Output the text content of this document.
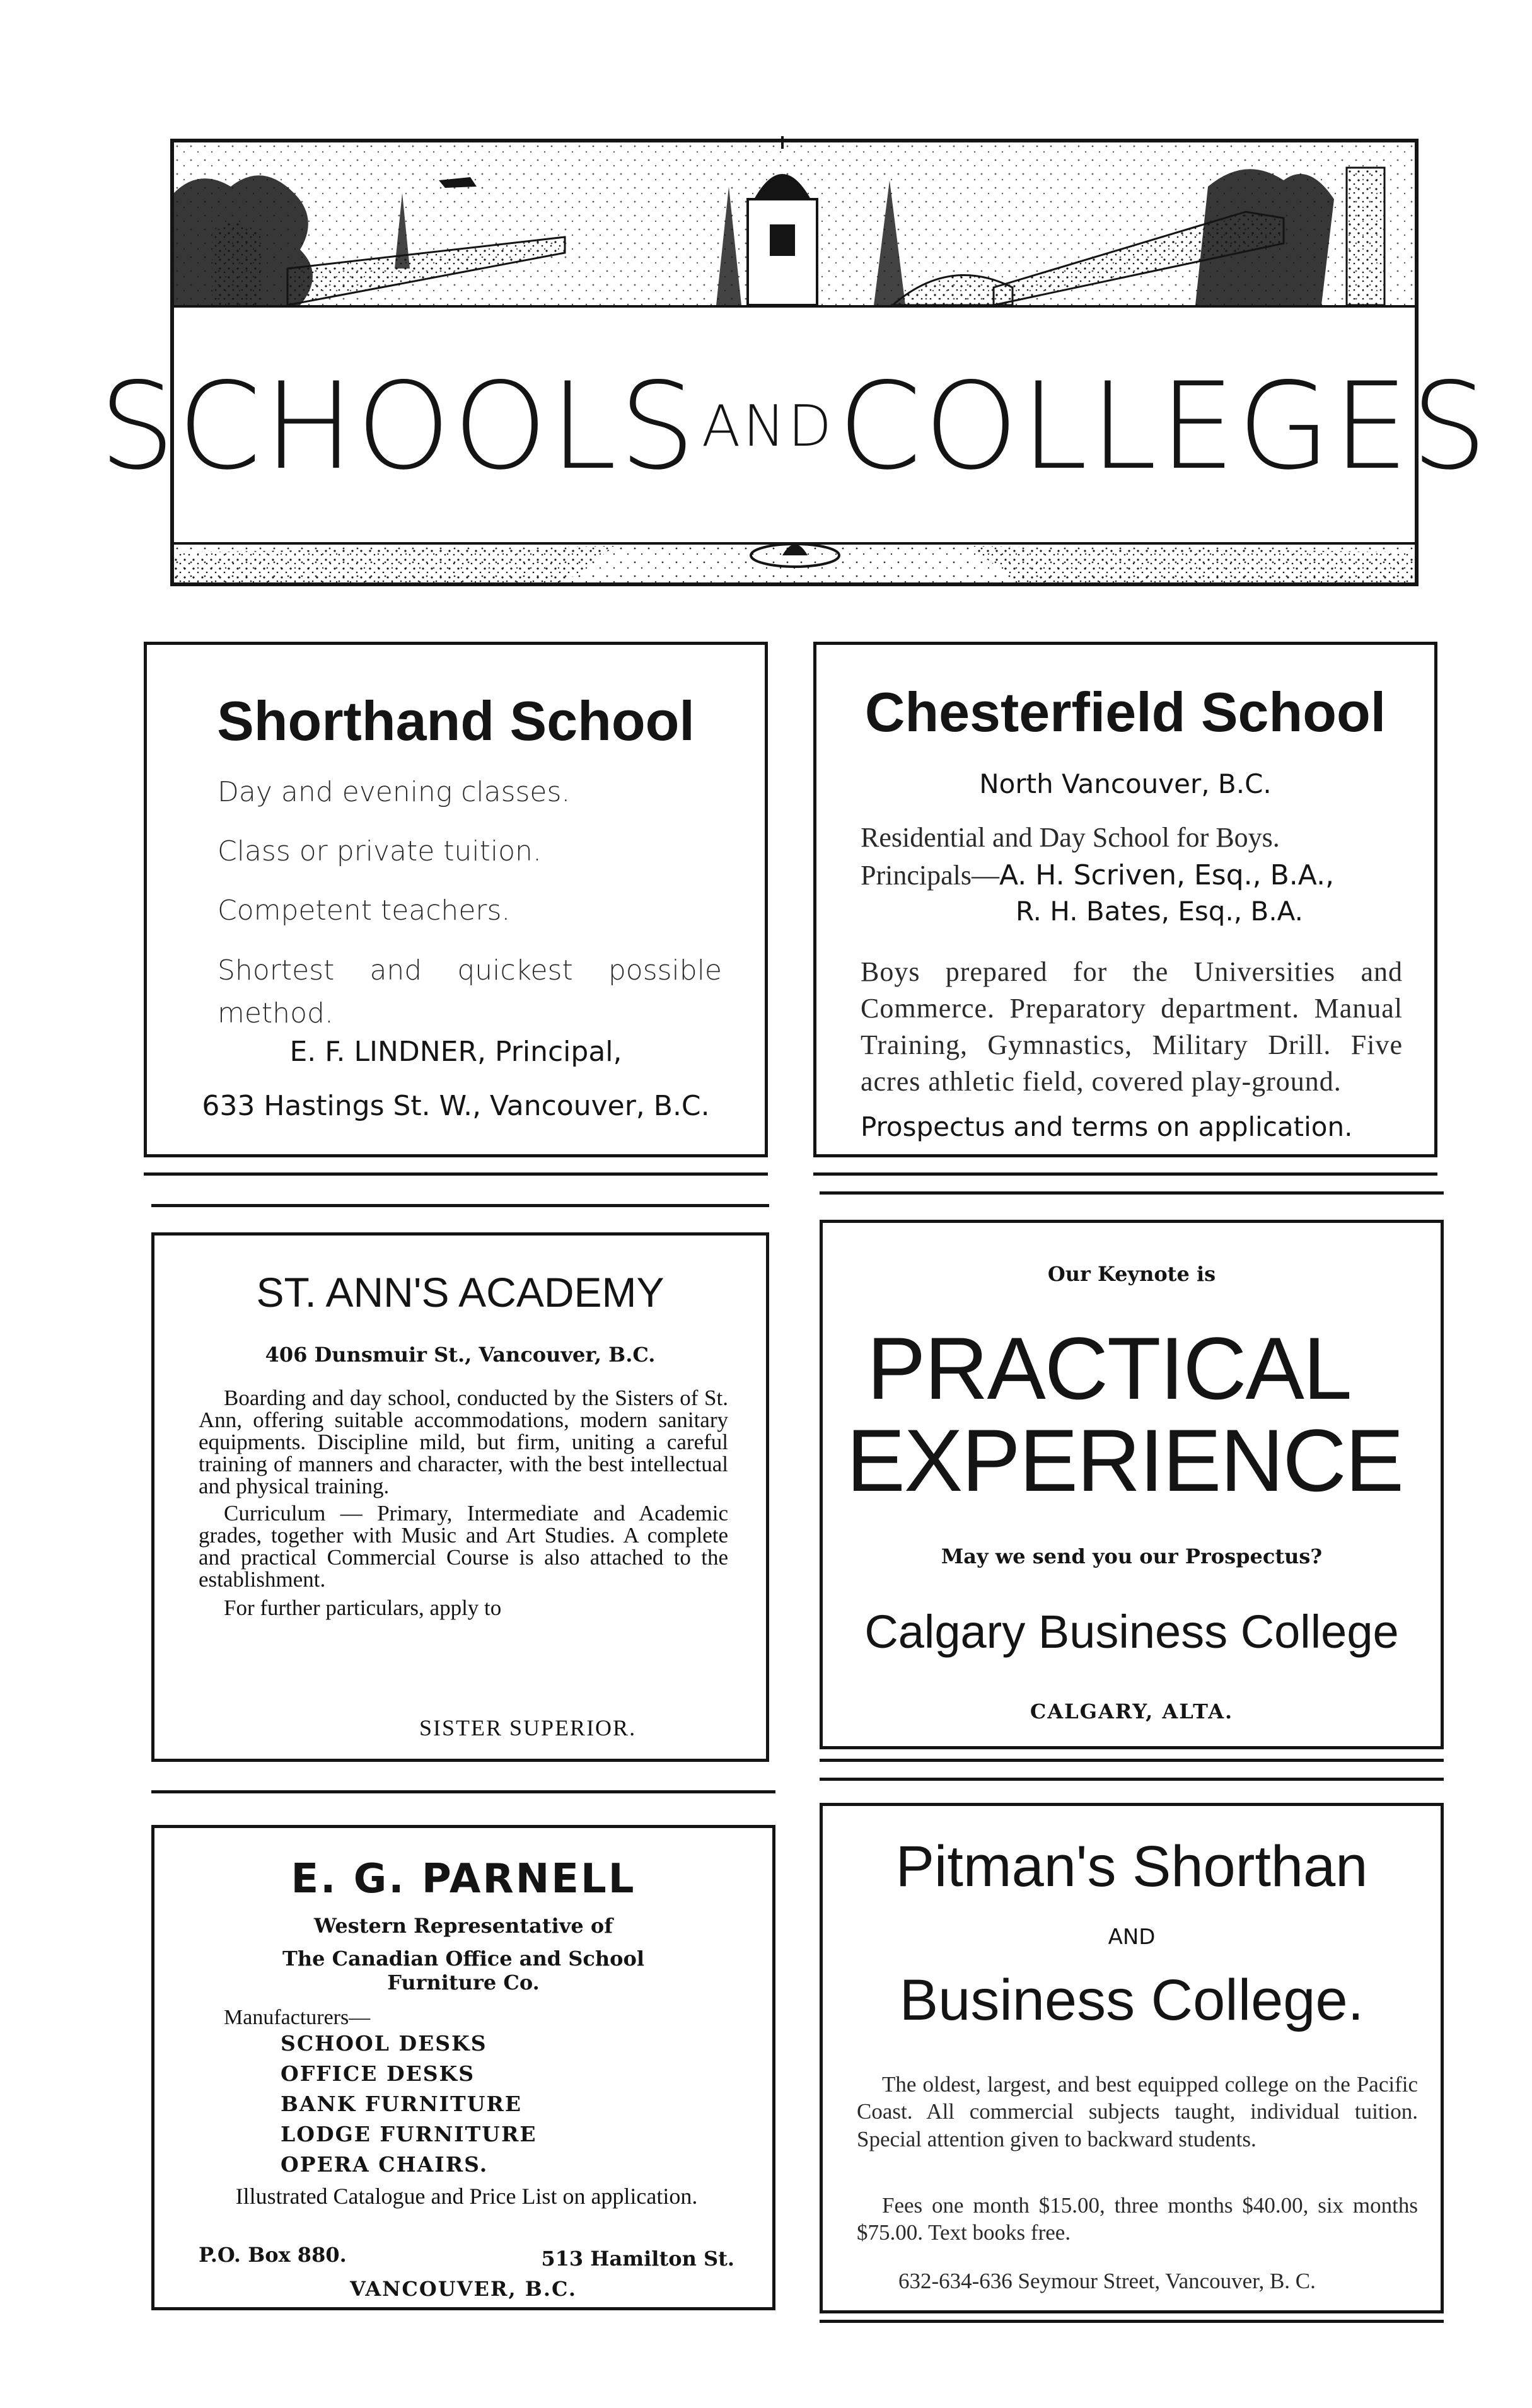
SCHOOLS AND COLLEGES
Shorthand School

Day and evening classes.

Class or private tuition.

Competent teachers.

Shortest and quickest possible method.

E. F. LINDNER, Principal,
633 Hastings St. W., Vancouver, B.C.
Chesterfield School
North Vancouver, B.C.
Residential and Day School for Boys.
Principals—A. H. Scriven, Esq., B.A.,
R. H. Bates, Esq., B.A.
Boys prepared for the Universities and Commerce. Preparatory department. Manual Training, Gymnastics, Military Drill. Five acres athletic field, covered play-ground.
Prospectus and terms on application.
ST. ANN'S ACADEMY
406 Dunsmuir St., Vancouver, B.C.

Boarding and day school, conducted by the Sisters of St. Ann, offering suitable accommodations, modern sanitary equipments. Discipline mild, but firm, uniting a careful training of manners and character, with the best intellectual and physical training.

Curriculum — Primary, Intermediate and Academic grades, together with Music and Art Studies. A complete and practical Commercial Course is also attached to the establishment.

For further particulars, apply to

SISTER SUPERIOR.
Our Keynote is
PRACTICAL
EXPERIENCE
May we send you our Prospectus?
Calgary Business College
CALGARY, ALTA.
E. G. PARNELL
Western Representative of
The Canadian Office and School
Furniture Co.
Manufacturers—
SCHOOL DESKS
OFFICE DESKS
BANK FURNITURE
LODGE FURNITURE
OPERA CHAIRS.
Illustrated Catalogue and Price List on application.
P.O. Box 880.	513 Hamilton St.
VANCOUVER, B.C.
Pitman's Shorthan
AND
Business College.
The oldest, largest, and best equipped college on the Pacific Coast. All commercial subjects taught, individual tuition. Special attention given to backward students.
Fees one month $15.00, three months $40.00, six months $75.00. Text books free.
632-634-636 Seymour Street, Vancouver, B. C.
